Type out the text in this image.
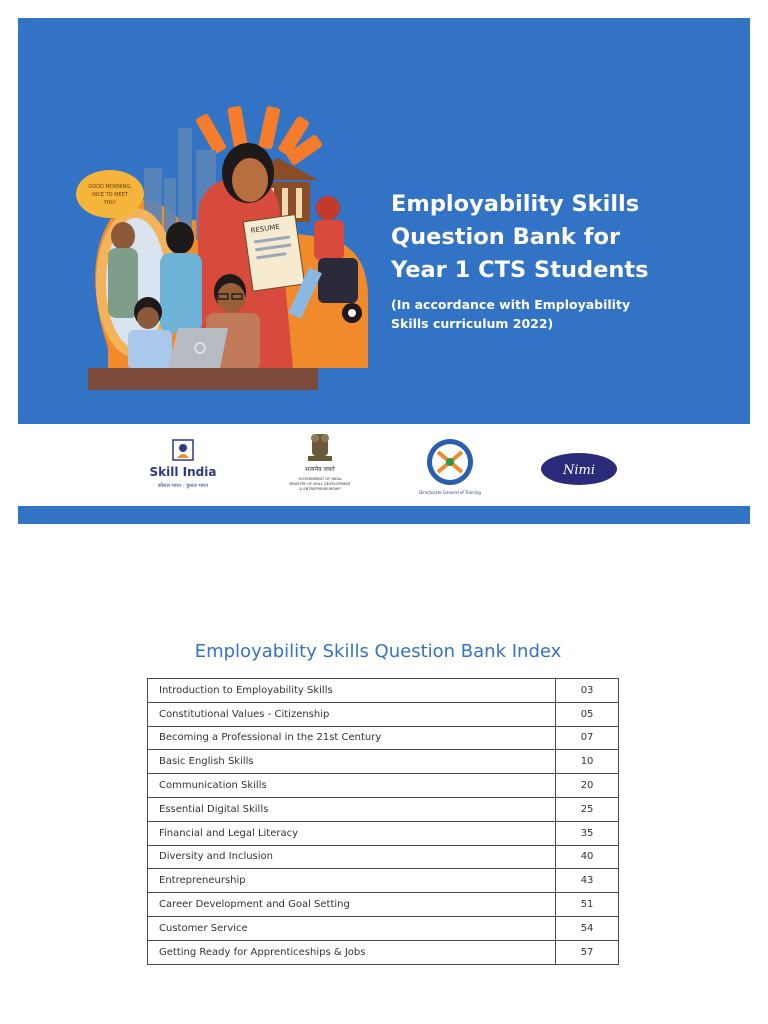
GOOD MORNING,
NICE TO MEET
YOU!
RESUME
Employability Skills
Question Bank for
Year 1 CTS Students
(In accordance with Employability
Skills curriculum 2022)
Skill India
कौशल भारत - कुशल भारत
सत्यमेव जयते
GOVERNMENT OF INDIA
MINISTRY OF SKILL DEVELOPMENT
& ENTREPRENEURSHIP
Directorate General of Training
Nimi
Employability Skills Question Bank Index
Introduction to Employability Skills	03
Constitutional Values - Citizenship	05
Becoming a Professional in the 21st Century	07
Basic English Skills	10
Communication Skills	20
Essential Digital Skills	25
Financial and Legal Literacy	35
Diversity and Inclusion	40
Entrepreneurship	43
Career Development and Goal Setting	51
Customer Service	54
Getting Ready for Apprenticeships & Jobs	57
